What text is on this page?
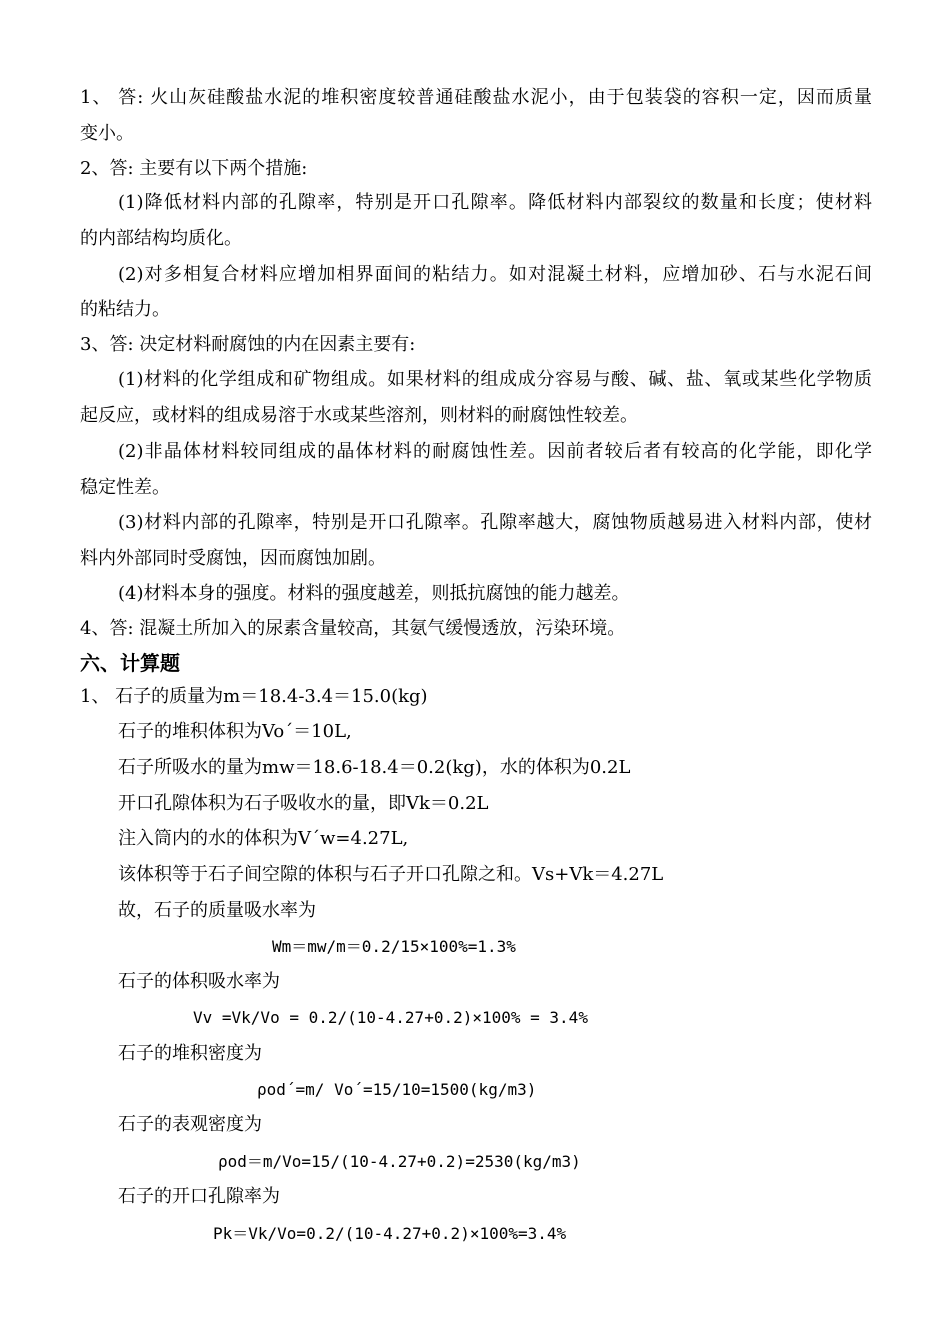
1、 答: 火山灰硅酸盐水泥的堆积密度较普通硅酸盐水泥小，由于包装袋的容积一定，因而质量
变小。
2、答: 主要有以下两个措施:
(1)降低材料内部的孔隙率，特别是开口孔隙率。降低材料内部裂纹的数量和长度；使材料
的内部结构均质化。
(2)对多相复合材料应增加相界面间的粘结力。如对混凝土材料，应增加砂、石与水泥石间
的粘结力。
3、答: 决定材料耐腐蚀的内在因素主要有:
(1)材料的化学组成和矿物组成。如果材料的组成成分容易与酸、碱、盐、氧或某些化学物质
起反应，或材料的组成易溶于水或某些溶剂，则材料的耐腐蚀性较差。
(2)非晶体材料较同组成的晶体材料的耐腐蚀性差。因前者较后者有较高的化学能，即化学
稳定性差。
(3)材料内部的孔隙率，特别是开口孔隙率。孔隙率越大，腐蚀物质越易进入材料内部，使材
料内外部同时受腐蚀，因而腐蚀加剧。
(4)材料本身的强度。材料的强度越差，则抵抗腐蚀的能力越差。
4、答: 混凝土所加入的尿素含量较高，其氨气缓慢透放，污染环境。
六、计算题
1、 石子的质量为m＝18.4-3.4＝15.0(kg)
石子的堆积体积为Vo´＝10L,
石子所吸水的量为mw＝18.6-18.4＝0.2(kg)，水的体积为0.2L
开口孔隙体积为石子吸收水的量，即Vk＝0.2L
注入筒内的水的体积为V´w=4.27L,
该体积等于石子间空隙的体积与石子开口孔隙之和。Vs+Vk＝4.27L
故，石子的质量吸水率为
Wm＝mw/m＝0.2/15×100%=1.3%
石子的体积吸水率为
Vv =Vk/Vo = 0.2/(10-4.27+0.2)×100% = 3.4%
石子的堆积密度为
ρod´=m/ Vo´=15/10=1500(kg/m3)
石子的表观密度为
ρod＝m/Vo=15/(10-4.27+0.2)=2530(kg/m3)
石子的开口孔隙率为
Pk＝Vk/Vo=0.2/(10-4.27+0.2)×100%=3.4%
